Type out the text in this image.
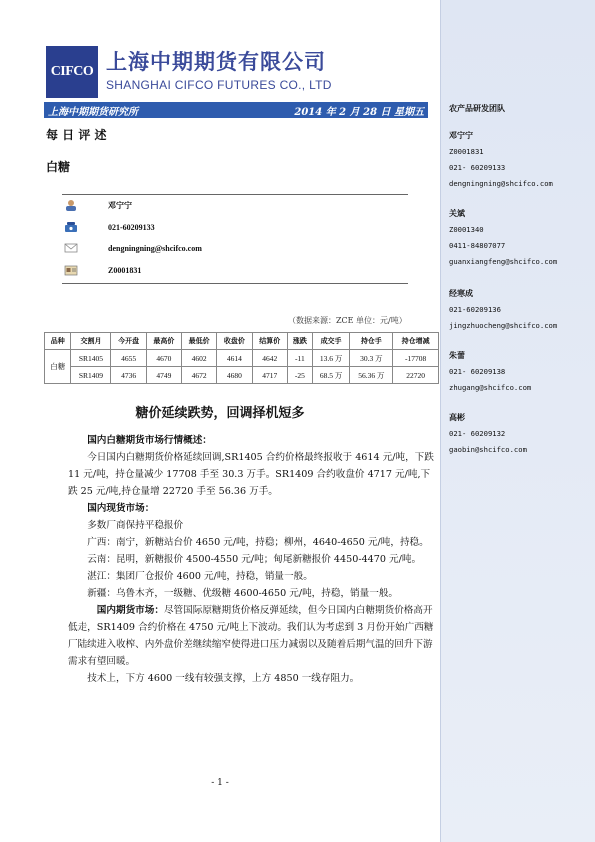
CIFCO 上海中期期货有限公司
SHANGHAI CIFCO FUTURES CO., LTD
上海中期期货研究所	2014 年 2 月 28 日 星期五
每 日 评 述
白糖
邓宁宁
021-60209133
dengningning@shcifco.com
Z0001831
（数据来源：ZCE 单位：元/吨）
品种	交割月	今开盘	最高价	最低价	收盘价	结算价	涨跌	成交手	持仓手	持仓增减
白糖	SR1405	4655	4670	4602	4614	4642	-11	13.6 万	30.3 万	-17708
	SR1409	4736	4749	4672	4680	4717	-25	68.5 万	56.36 万	22720
糖价延续跌势，回调择机短多

国内白糖期货市场行情概述：

今日国内白糖期货价格延续回调,SR1405 合约价格最终报收于 4614 元/吨，下跌 11 元/吨，持仓量减少 17708 手至 30.3 万手。SR1409 合约收盘价 4717 元/吨,下跌 25 元/吨,持仓量增 22720 手至 56.36 万手。

国内现货市场：

多数厂商保持平稳报价

广西：南宁，新糖站台价 4650 元/吨，持稳；柳州，4640-4650 元/吨，持稳。

云南：昆明，新糖报价 4500-4550 元/吨；甸尾新糖报价 4450-4470 元/吨。

湛江：集团厂仓报价 4600 元/吨，持稳，销量一般。

新疆：乌鲁木齐，一级糖、优级糖 4600-4650 元/吨，持稳，销量一般。

国内期货市场：尽管国际原糖期货价格反弹延续，但今日国内白糖期货价格高开低走，SR1409 合约价格在 4750 元/吨上下波动。我们认为考虑到 3 月份开始广西糖厂陆续进入收榨、内外盘价差继续缩窄使得进口压力减弱以及随着后期气温的回升下游需求有望回暖。

技术上，下方 4600 一线有较强支撑，上方 4850 一线存阻力。

- 1 -
农产品研发团队
邓宁宁
Z0001831
021- 60209133
dengningning@shcifco.com
关斌
Z0001340
0411-84807077
guanxiangfeng@shcifco.com
经寒成
021-60209136
jingzhuocheng@shcifco.com
朱蕾
021- 60209138
zhugang@shcifco.com
高彬
021- 60209132
gaobin@shcifco.com
